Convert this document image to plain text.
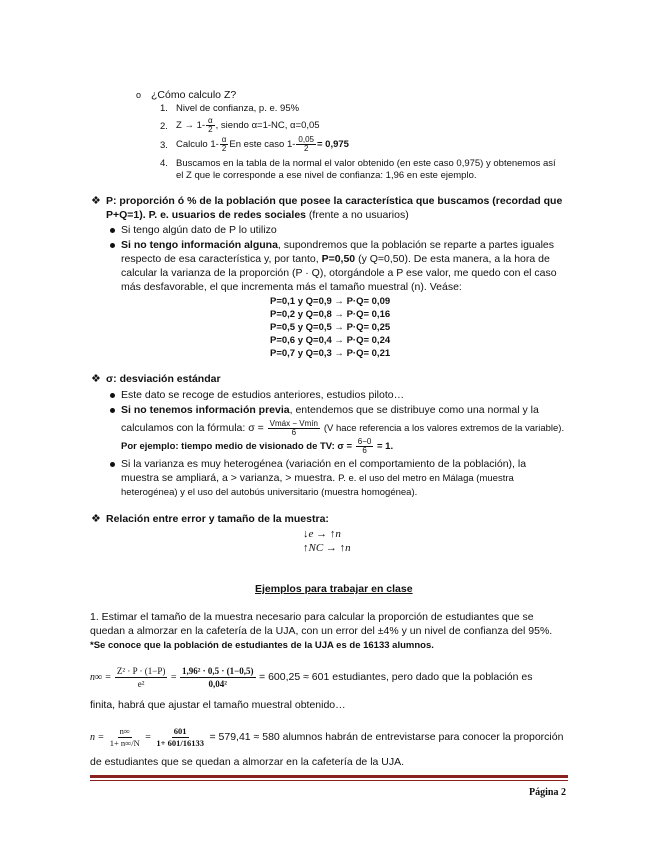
o ¿Cómo calculo Z?
1. Nivel de confianza, p. e. 95%
2. $Z \to 1- \frac{\alpha}{2}$ , siendo α=1-NC, α=0,05
3. Calculo $1- \frac{\alpha}{2}$ En este caso $1- \frac{0,05}{2} = 0,975$
4. Buscamos en la tabla de la normal el valor obtenido (en este caso 0,975) y obtenemos así
el Z que le corresponde a ese nivel de confianza: 1,96 en este ejemplo.
❖ P: proporción ó % de la población que posee la característica que buscamos (recordad que
P+Q=1). P. e. usuarios de redes sociales (frente a no usuarios)
Si tengo algún dato de P lo utilizo
Si no tengo información alguna, supondremos que la población se reparte a partes iguales
respecto de esa característica y, por tanto, P=0,50 (y Q=0,50). De esta manera, a la hora de
calcular la varianza de la proporción (P · Q), otorgándole a P ese valor, me quedo con el caso
más desfavorable, el que incrementa más el tamaño muestral (n). Veáse:
P=0,1 y Q=0,9 → P·Q= 0,09
P=0,2 y Q=0,8 → P·Q= 0,16
P=0,5 y Q=0,5 → P·Q= 0,25
P=0,6 y Q=0,4 → P·Q= 0,24
P=0,7 y Q=0,3 → P·Q= 0,21
❖ σ: desviación estándar
Este dato se recoge de estudios anteriores, estudios piloto…
Si no tenemos información previa, entendemos que se distribuye como una normal y la
calculamos con la fórmula: $\sigma = \frac{\text{Vmáx − Vmín}}{6} (V$ hace referencia a los valores extremos de la variable).
Por ejemplo: tiempo medio de visionado de TV: $\sigma = \frac{6-0}{6} = 1$.
Si la varianza es muy heterogénea (variación en el comportamiento de la población), la
muestra se ampliará, a > varianza, > muestra. P. e. el uso del metro en Málaga (muestra
heterogénea) y el uso del autobús universitario (muestra homogénea).
❖ Relación entre error y tamaño de la muestra:
↓e → ↑n
↑NC → ↑n
Ejemplos para trabajar en clase
1. Estimar el tamaño de la muestra necesario para calcular la proporción de estudiantes que se
quedan a almorzar en la cafetería de la UJA, con un error del ±4% y un nivel de confianza del 95%.
*Se conoce que la población de estudiantes de la UJA es de 16133 alumnos.
$n\infty = \frac{\text{Z² · P · (1−P)}}{\text{e²}} = \frac{\text{1,96² · 0,5 · (1−0,5)}}{\text{0,04²}} = 600,25 \approx 601$ estudiantes, pero dado que la población es
finita, habrá que ajustar el tamaño muestral obtenido…
$n = \frac{n\infty}{1+ n\infty/N} = \frac{601}{1+ 601/16133} = 579,41 \approx 580$ alumnos habrán de entrevistarse para conocer la proporción
de estudiantes que se quedan a almorzar en la cafetería de la UJA.
Página 2
